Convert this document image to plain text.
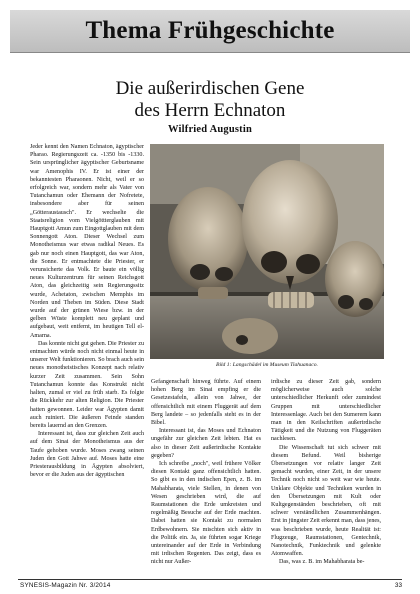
Thema Frühgeschichte
Die außerirdischen Gene
des Herrn Echnaton
Wilfried Augustin

Jeder kennt den Namen Echnaton, ägyptischer Pharao. Regierungszeit ca. -1350 bis -1330. Sein ursprünglicher ägyptischer Geburtsname war Amenophis IV. Er ist einer der bekanntesten Pharaonen. Nicht, weil er so erfolgreich war, sondern mehr als Vater von Tutanchamun oder Ehemann der Nofretete, insbesondere aber für seinen „Götteraustausch". Er wechselte die Staatsreligion vom Vielgöttterglauben mit Hauptgott Amun zum Eingottglauben mit dem Sonnengott Aton. Dieser Wechsel zum Monotheismus war etwas radikal Neues. Es gab nur noch einen Hauptgott, das war Aton, die Sonne. Er entmachtete die Priester, er verunsicherte das Volk. Er baute ein völlig neues Kulturzentrum für seinen Reichsgott Aton, das gleichzeitig sein Regierungssitz wurde, Achetaton, zwischen Memphis im Norden und Theben im Süden. Diese Stadt wurde auf der grünen Wiese bzw. in der gelben Wüste komplett neu geplant und aufgebaut, weit entfernt, im heutigen Tell el-Amarna.

Das konnte nicht gut gehen. Die Priester zu entmachten würde noch nicht einmal heute in unserer Welt funktionieren. So brach auch sein neues monotheistisches Konzept nach relativ kurzer Zeit zusammen. Sein Sohn Tutanchamun konnte das Konstrukt nicht halten, zumal er viel zu früh starb. Es folgte die Rückkehr zur alten Religion. Die Priester hatten gewonnen. Leider war Ägypten damit auch ruiniert. Die äußeren Feinde standen bereits lauernd an den Grenzen.

Interessant ist, dass zur gleichen Zeit auch auf dem Sinai der Monotheismus aus der Taufe gehoben wurde. Moses zwang seinen Juden den Gott Jahwe auf. Moses hatte eine Priesterausbildung in Ägypten absolviert, bevor er die Juden aus der ägyptischen

Bild 1: Langschädel im Museum Tiahuanaco.

Gefangenschaft hinweg führte. Auf einem hohen Berg im Sinai empfing er die Gesetzestafeln, allein von Jahwe, der offensichtlich mit einem Fluggerät auf dem Berg landete – so jedenfalls steht es in der Bibel.

Interessant ist, das Moses und Echnaton ungefähr zur gleichen Zeit lebten. Hat es also in dieser Zeit außerirdische Kontakte gegeben?

Ich schreibe „noch", weil frühere Völker diesen Kontakt ganz offensichtlich hatten. So gibt es in den indischen Epen, z. B. im Mahabharata, viele Stellen, in denen von Wesen geschrieben wird, die auf Raumstationen die Erde umkreisten und regelmäßig Besuche auf der Erde machten. Dabei hatten sie Kontakt zu normalen Erdbewohnern. Sie mischten sich aktiv in die Politik ein. Ja, sie führten sogar Kriege untereinander auf der Erde in Verbindung mit irdischen Regenten. Das zeigt, dass es nicht nur Außer-

irdische zu dieser Zeit gab, sondern möglicherweise auch solche unterschiedlicher Herkunft oder zumindest Gruppen mit unterschiedlicher Interessenlage. Auch bei den Sumerern kann man in den Keilschriften außerirdische Tätigkeit und die Nutzung von Fluggeräten nachlesen.

Die Wissenschaft tut sich schwer mit diesem Befund. Weil bisherige Übersetzungen vor relativ langer Zeit gemacht wurden, einer Zeit, in der unsere Technik noch nicht so weit war wie heute. Unklare Objekte und Techniken wurden in den Übersetzungen mit Kult oder Kultgegenständen beschrieben, oft mit schwer verständlichen Zusammenhängen. Erst in jüngster Zeit erkennt man, dass jenes, was beschrieben wurde, heute Realität ist: Flugzeuge, Raumstationen, Gentechnik, Nanotechnik, Funktechnik und gelenkte Atomwaffen.

Das, was z. B. im Mahabharata be-

SYNESIS-Magazin Nr. 3/2014	33
